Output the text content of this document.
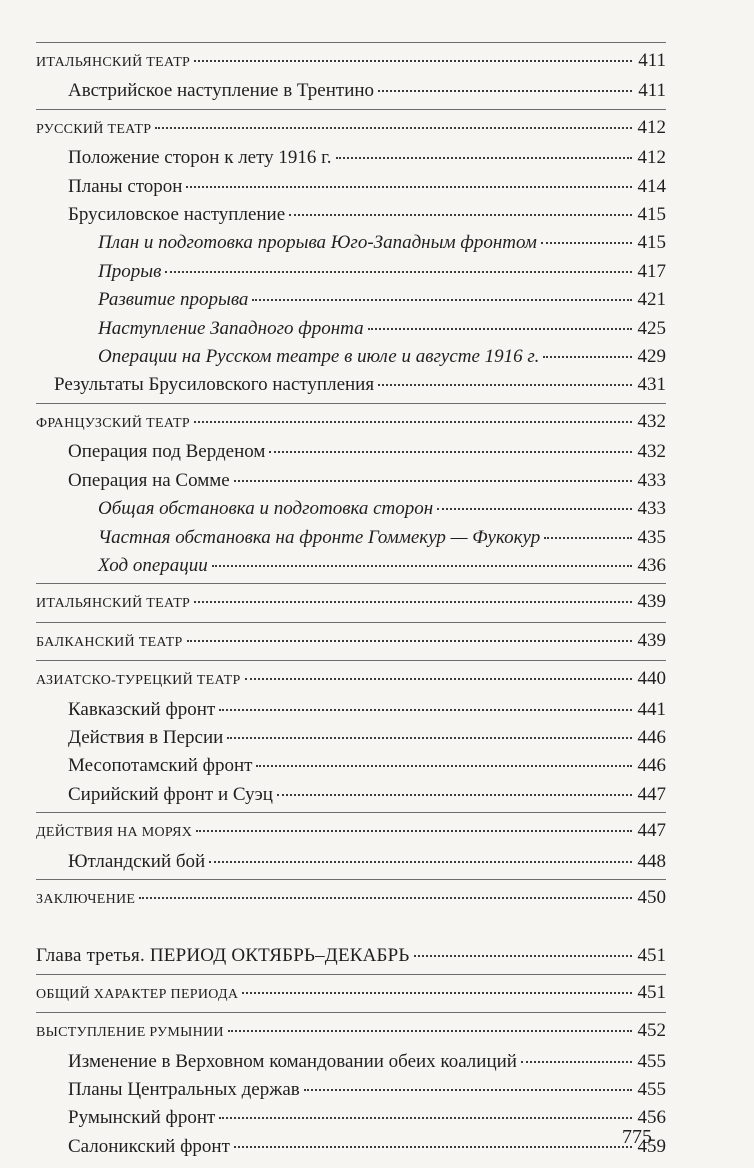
ИТАЛЬЯНСКИЙ ТЕАТР	411
Австрийское наступление в Трентино	411
РУССКИЙ ТЕАТР	412
Положение сторон к лету 1916 г.	412
Планы сторон	414
Брусиловское наступление	415
План и подготовка прорыва Юго-Западным фронтом	415
Прорыв	417
Развитие прорыва	421
Наступление Западного фронта	425
Операции на Русском театре в июле и августе 1916 г.	429
Результаты Брусиловского наступления	431
ФРАНЦУЗСКИЙ ТЕАТР	432
Операция под Верденом	432
Операция на Сомме	433
Общая обстановка и подготовка сторон	433
Частная обстановка на фронте Гоммекур — Фукокур	435
Ход операции	436
ИТАЛЬЯНСКИЙ ТЕАТР	439
БАЛКАНСКИЙ ТЕАТР	439
АЗИАТСКО-ТУРЕЦКИЙ ТЕАТР	440
Кавказский фронт	441
Действия в Персии	446
Месопотамский фронт	446
Сирийский фронт и Суэц	447
ДЕЙСТВИЯ НА МОРЯХ	447
Ютландский бой	448
ЗАКЛЮЧЕНИЕ	450
Глава третья. ПЕРИОД ОКТЯБРЬ–ДЕКАБРЬ	451
ОБЩИЙ ХАРАКТЕР ПЕРИОДА	451
ВЫСТУПЛЕНИЕ РУМЫНИИ	452
Изменение в Верховном командовании обеих коалиций	455
Планы Центральных держав	455
Румынский фронт	456
Салоникский фронт	459
775
